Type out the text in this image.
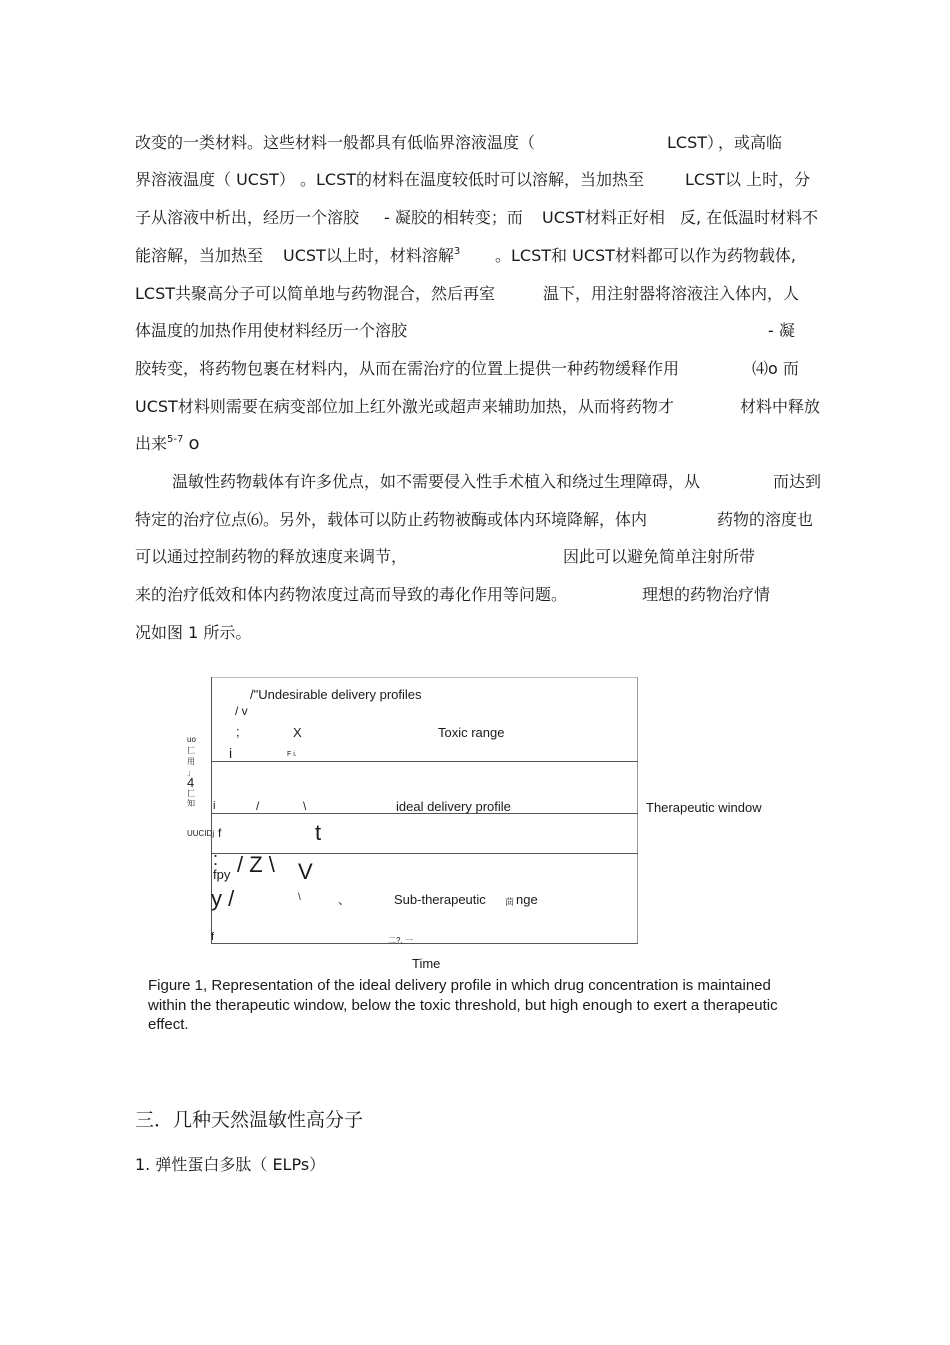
改变的一类材料。这些材料一般都具有低临界溶液温度（	LCST）
，或高临
界溶液温度（ UCST） 。LCST的材料在温度较低时可以溶解，当加热至	LCST以 上时，分
子从溶液中析出，经历一个溶胶 - 凝胶的相转变；而 UCST材料正好相 反, 在低温时材料不
能溶解，当加热至 UCST以上时，材料溶解$^3$ 。LCST和 UCST材料都可以作为药物载体,
LCST共聚高分子可以简单地与药物混合，然后再室	温下，用注射器将溶液注入体内，人
体温度的加热作用使材料经历一个溶胶	- 凝
胶转变，将药物包裹在材料内，从而在需治疗的位置上提供一种药物缓释作用	⑷o 而
UCST材料则需要在病变部位加上红外激光或超声来辅助加热，从而将药物才	材料中释放
出来$^{5-7}$ o
温敏性药物载体有许多优点，如不需要侵入性手术植入和绕过生理障碍，从	而达到
特定的治疗位点⑹。另外，载体可以防止药物被酶或体内环境降解，体内	药物的溶度也
可以通过控制药物的释放速度来调节，	因此可以避免简单注射所带
来的治疗低效和体内药物浓度过高而导致的毒化作用等问题。	理想的药物治疗情
况如图 1 所示。
/"Undesirable delivery profiles
/ v
;	X	Toxic range
i	F i.
i	/	\	ideal delivery profile	Therapeutic window
uo
匚
用
」
4
匚
知
UUCIDj f	t
:
fpy / Z \ V
y /	\	、	Sub-therapeutic 茴 nge
f	二?. 一
Time
Figure 1, Representation of the ideal delivery profile in which drug concentration is maintained within the therapeutic window, below the toxic threshold, but high enough to exert a therapeutic effect.
三．几种天然温敏性高分子
1. 弹性蛋白多肽（ ELPs）
